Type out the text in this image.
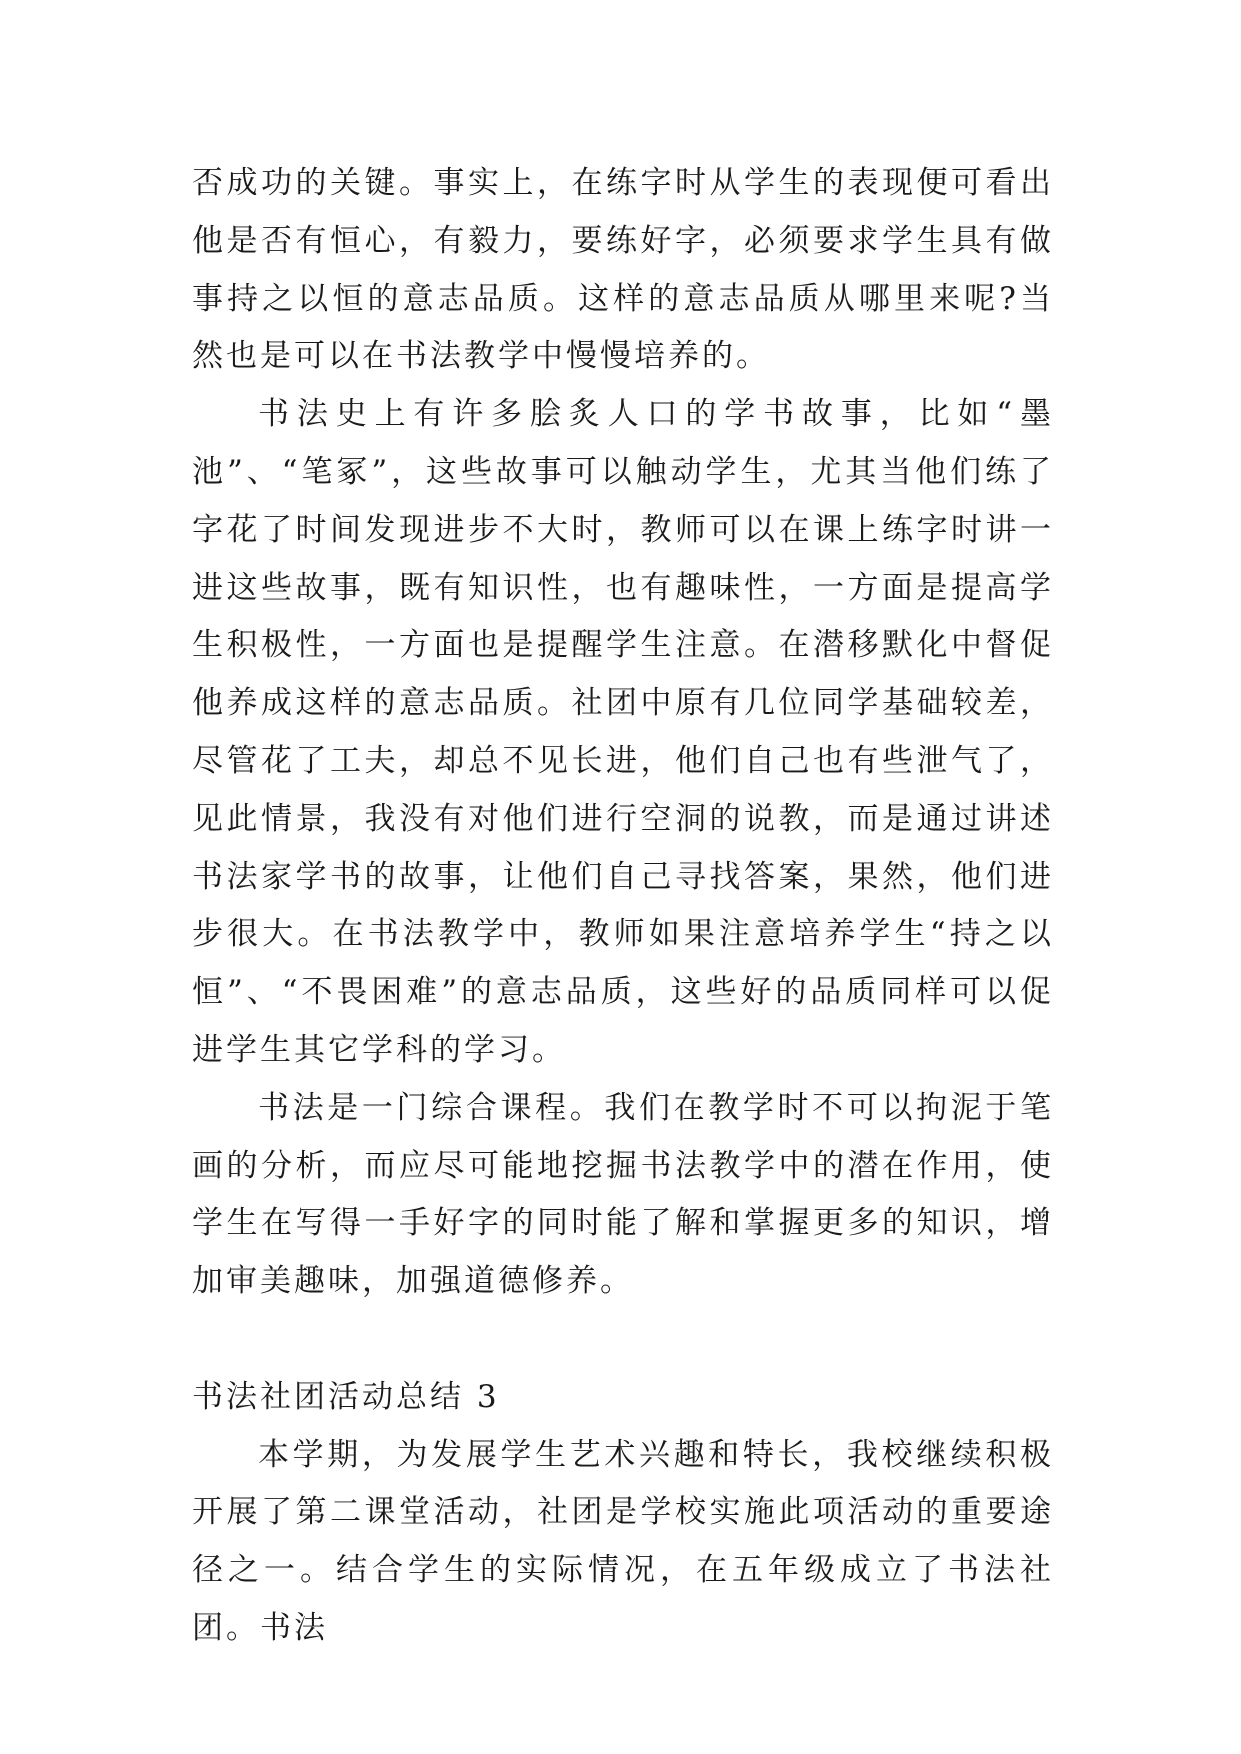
否成功的关键。事实上，在练字时从学生的表现便可看出他是否有恒心，有毅力，要练好字，必须要求学生具有做事持之以恒的意志品质。这样的意志品质从哪里来呢?当然也是可以在书法教学中慢慢培养的。

书法史上有许多脍炙人口的学书故事，比如“墨池”、“笔冢”，这些故事可以触动学生，尤其当他们练了字花了时间发现进步不大时，教师可以在课上练字时讲一进这些故事，既有知识性，也有趣味性，一方面是提高学生积极性，一方面也是提醒学生注意。在潜移默化中督促他养成这样的意志品质。社团中原有几位同学基础较差，尽管花了工夫，却总不见长进，他们自己也有些泄气了，见此情景，我没有对他们进行空洞的说教，而是通过讲述书法家学书的故事，让他们自己寻找答案，果然，他们进步很大。在书法教学中，教师如果注意培养学生“持之以恒”、“不畏困难”的意志品质，这些好的品质同样可以促进学生其它学科的学习。

书法是一门综合课程。我们在教学时不可以拘泥于笔画的分析，而应尽可能地挖掘书法教学中的潜在作用，使学生在写得一手好字的同时能了解和掌握更多的知识，增加审美趣味，加强道德修养。

书法社团活动总结 3

本学期，为发展学生艺术兴趣和特长，我校继续积极开展了第二课堂活动，社团是学校实施此项活动的重要途径之一。结合学生的实际情况，在五年级成立了书法社团。书法
